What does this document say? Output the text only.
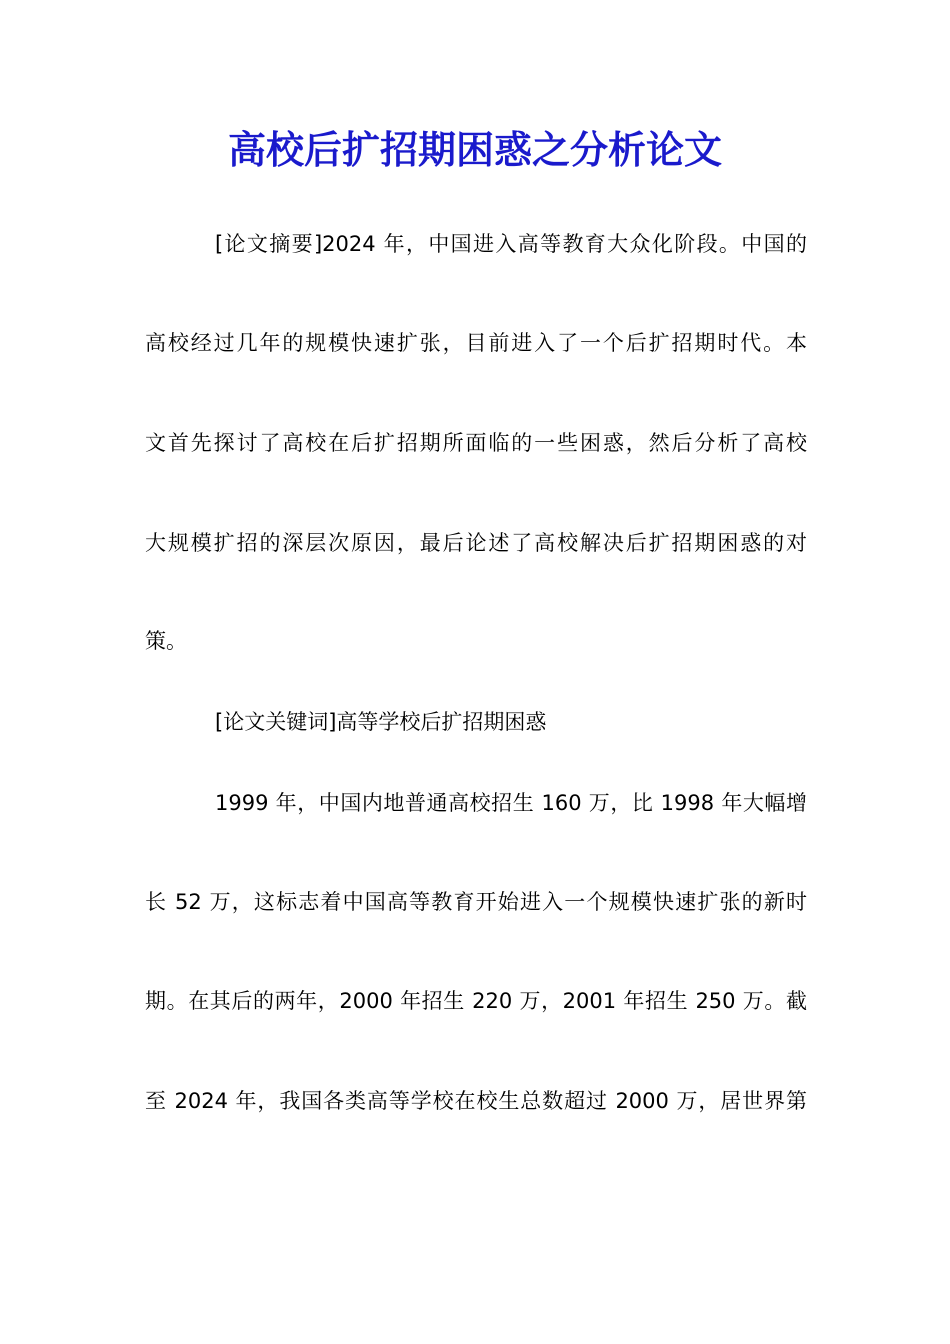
高校后扩招期困惑之分析论文
[论文摘要]2024 年，中国进入高等教育大众化阶段。中国的
高校经过几年的规模快速扩张，目前进入了一个后扩招期时代。本
文首先探讨了高校在后扩招期所面临的一些困惑，然后分析了高校
大规模扩招的深层次原因，最后论述了高校解决后扩招期困惑的对
策。
[论文关键词]高等学校后扩招期困惑
1999 年，中国内地普通高校招生 160 万，比 1998 年大幅增
长 52 万，这标志着中国高等教育开始进入一个规模快速扩张的新时
期。在其后的两年，2000 年招生 220 万，2001 年招生 250 万。截
至 2024 年，我国各类高等学校在校生总数超过 2000 万，居世界第
